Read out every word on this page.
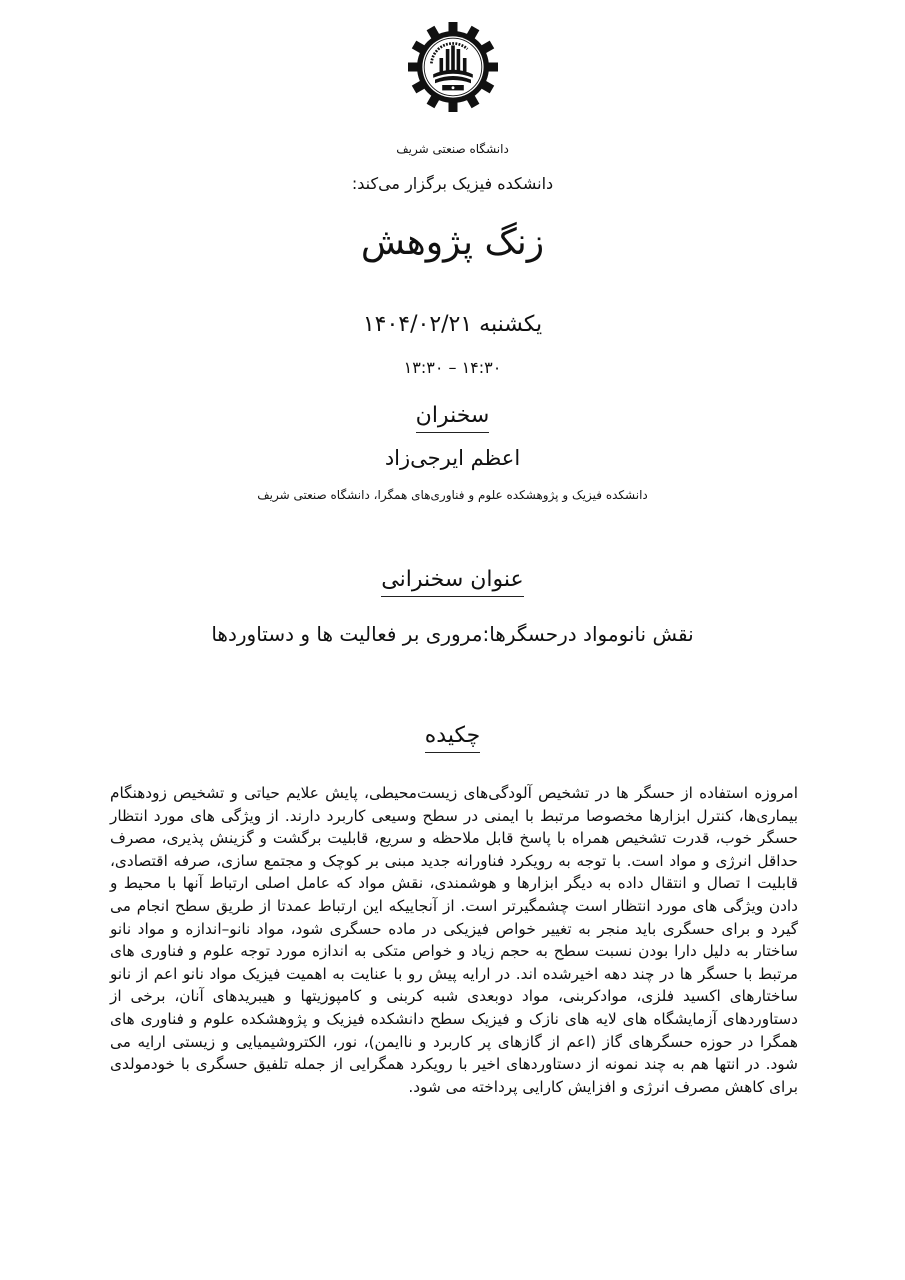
دانشگاه صنعتی شریف
دانشکده فیزیک برگزار می‌کند:
زنگ پژوهش
یکشنبه ۱۴۰۴/۰۲/۲۱
۱۴:۳۰ – ۱۳:۳۰
سخنران
اعظم ایرجی‌زاد
دانشکده فیزیک و پژوهشکده علوم و فناوری‌های همگرا، دانشگاه صنعتی شریف
عنوان سخنرانی
نقش نانومواد درحسگرها:مروری بر فعالیت ها و دستاوردها
چکیده
امروزه استفاده از حسگر ها در تشخیص آلودگی‌های زیست‌محیطی، پایش علایم حیاتی و تشخیص زودهنگام بیماری‌ها، کنترل ابزارها مخصوصا مرتبط با ایمنی در سطح وسیعی کاربرد دارند. از ویژگی های مورد انتظار حسگر خوب، قدرت تشخیص همراه با پاسخ قابل ملاحظه و سریع، قابلیت برگشت و گزینش پذیری، مصرف حداقل انرژی و مواد است. با توجه به رویکرد فناورانه جدید مبنی بر کوچک و مجتمع سازی، صرفه اقتصادی، قابلیت ا تصال و انتقال داده به دیگر ابزارها و هوشمندی، نقش مواد که عامل اصلی ارتباط آنها با محیط و دادن ویژگی های مورد انتظار است چشمگیرتر است. از آنجاییکه این ارتباط عمدتا از طریق سطح انجام می گیرد و برای حسگری باید منجر به تغییر خواص فیزیکی در ماده حسگری شود، مواد نانو–اندازه و مواد نانو ساختار به دلیل دارا بودن نسبت سطح به حجم زیاد و خواص متکی به اندازه مورد توجه علوم و فناوری های مرتبط با حسگر ها در چند دهه اخیرشده اند. در ارایه پیش رو با عنایت به اهمیت فیزیک مواد نانو اعم از نانو ساختارهای اکسید فلزی، موادکربنی، مواد دوبعدی شبه کربنی و کامپوزیتها و هیبریدهای آنان، برخی از دستاوردهای آزمایشگاه های لایه های نازک و فیزیک سطح دانشکده فیزیک و پژوهشکده علوم و فناوری های همگرا در حوزه حسگرهای گاز (اعم از گازهای پر کاربرد و ناایمن)، نور، الکتروشیمیایی و زیستی ارایه می شود. در انتها هم به چند نمونه از دستاوردهای اخیر با رویکرد همگرایی از جمله تلفیق حسگری با خودمولدی برای کاهش مصرف انرژی و افزایش کارایی پرداخته می شود.
